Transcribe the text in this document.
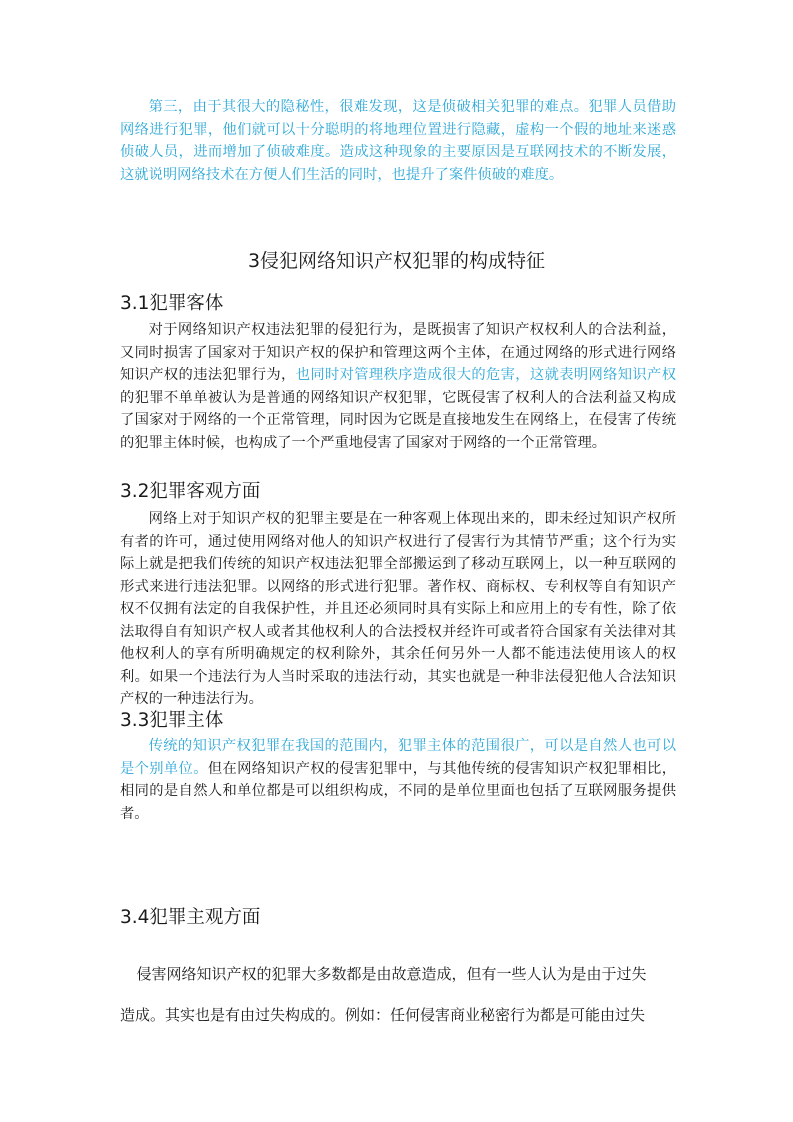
第三，由于其很大的隐秘性，很难发现，这是侦破相关犯罪的难点。犯罪人员借助网络进行犯罪，他们就可以十分聪明的将地理位置进行隐藏，虚构一个假的地址来迷惑侦破人员，进而增加了侦破难度。造成这种现象的主要原因是互联网技术的不断发展，这就说明网络技术在方便人们生活的同时，也提升了案件侦破的难度。

3侵犯网络知识产权犯罪的构成特征
3.1犯罪客体

对于网络知识产权违法犯罪的侵犯行为，是既损害了知识产权权利人的合法利益，又同时损害了国家对于知识产权的保护和管理这两个主体，在通过网络的形式进行网络知识产权的违法犯罪行为，也同时对管理秩序造成很大的危害，这就表明网络知识产权的犯罪不单单被认为是普通的网络知识产权犯罪，它既侵害了权利人的合法利益又构成了国家对于网络的一个正常管理，同时因为它既是直接地发生在网络上，在侵害了传统的犯罪主体时候，也构成了一个严重地侵害了国家对于网络的一个正常管理。

3.2犯罪客观方面

网络上对于知识产权的犯罪主要是在一种客观上体现出来的，即未经过知识产权所有者的许可，通过使用网络对他人的知识产权进行了侵害行为其情节严重；这个行为实际上就是把我们传统的知识产权违法犯罪全部搬运到了移动互联网上，以一种互联网的形式来进行违法犯罪。以网络的形式进行犯罪。著作权、商标权、专利权等自有知识产权不仅拥有法定的自我保护性，并且还必须同时具有实际上和应用上的专有性，除了依法取得自有知识产权人或者其他权利人的合法授权并经许可或者符合国家有关法律对其他权利人的享有所明确规定的权利除外，其余任何另外一人都不能违法使用该人的权利。如果一个违法行为人当时采取的违法行动，其实也就是一种非法侵犯他人合法知识产权的一种违法行为。

3.3犯罪主体

传统的知识产权犯罪在我国的范围内，犯罪主体的范围很广，可以是自然人也可以是个别单位。但在网络知识产权的侵害犯罪中，与其他传统的侵害知识产权犯罪相比，相同的是自然人和单位都是可以组织构成，不同的是单位里面也包括了互联网服务提供者。

3.4犯罪主观方面

侵害网络知识产权的犯罪大多数都是由故意造成，但有一些人认为是由于过失

造成。其实也是有由过失构成的。例如：任何侵害商业秘密行为都是可能由过失
